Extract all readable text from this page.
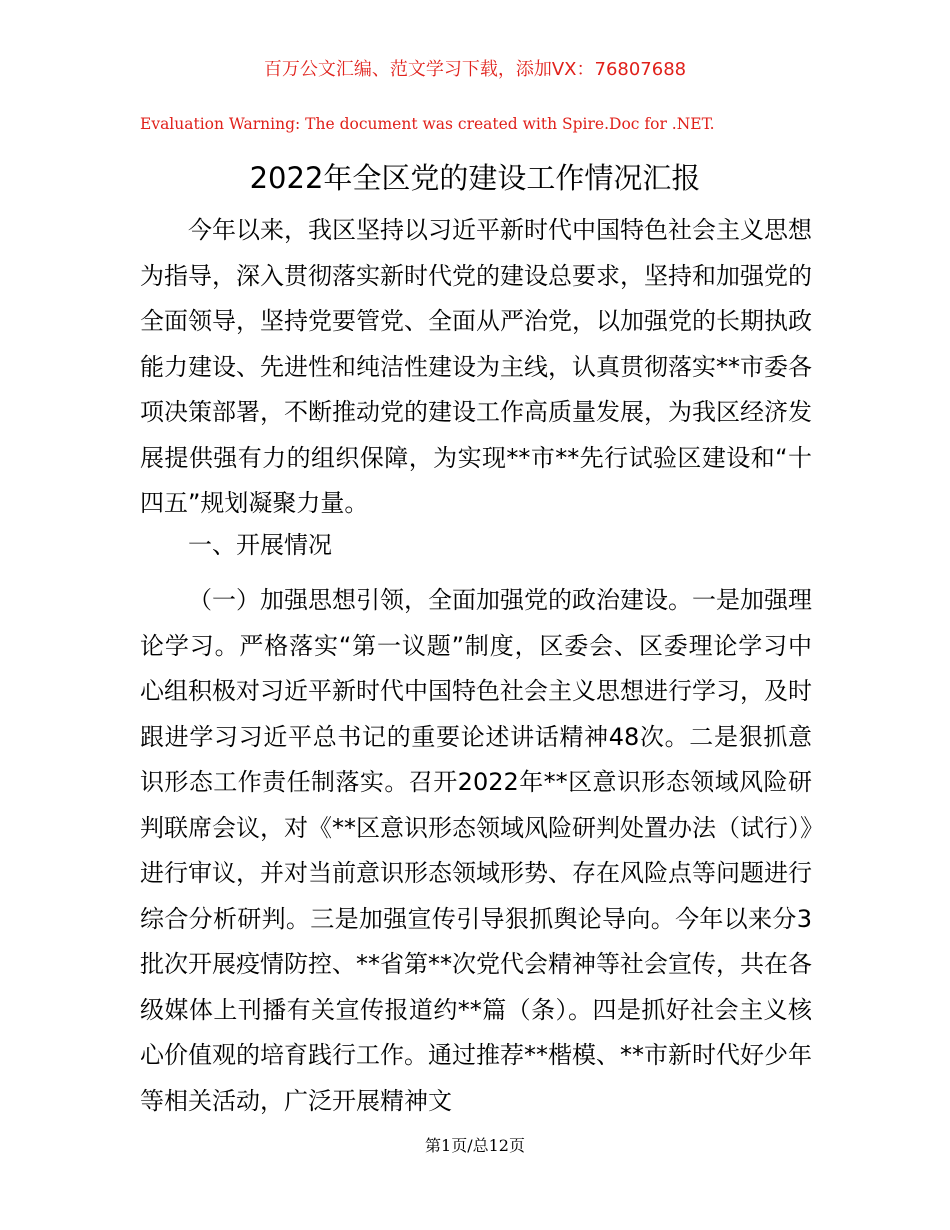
百万公文汇编、范文学习下载，添加VX：76807688
Evaluation Warning: The document was created with Spire.Doc for .NET.
2022年全区党的建设工作情况汇报

今年以来，我区坚持以习近平新时代中国特色社会主义思想为指导，深入贯彻落实新时代党的建设总要求，坚持和加强党的全面领导，坚持党要管党、全面从严治党，以加强党的长期执政能力建设、先进性和纯洁性建设为主线，认真贯彻落实**市委各项决策部署，不断推动党的建设工作高质量发展，为我区经济发展提供强有力的组织保障，为实现**市**先行试验区建设和“十四五”规划凝聚力量。

一、开展情况

（一）加强思想引领，全面加强党的政治建设。一是加强理论学习。严格落实“第一议题”制度，区委会、区委理论学习中心组积极对习近平新时代中国特色社会主义思想进行学习，及时跟进学习习近平总书记的重要论述讲话精神48次。二是狠抓意识形态工作责任制落实。召开2022年**区意识形态领域风险研判联席会议，对《**区意识形态领域风险研判处置办法（试行）》进行审议，并对当前意识形态领域形势、存在风险点等问题进行综合分析研判。三是加强宣传引导狠抓舆论导向。今年以来分3批次开展疫情防控、**省第**次党代会精神等社会宣传，共在各级媒体上刊播有关宣传报道约**篇（条）。四是抓好社会主义核心价值观的培育践行工作。通过推荐**楷模、**市新时代好少年等相关活动，广泛开展精神文

第1页/总12页
